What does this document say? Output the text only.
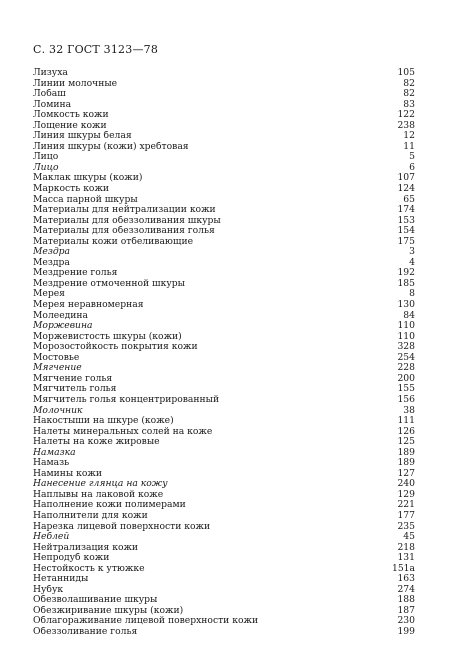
С. 32 ГОСТ 3123—78
Лизуха	105
Линии молочные	82
Лобаш	82
Ломина	83
Ломкость кожи	122
Лощение кожи	238
Линия шкуры белая	12
Линия шкуры (кожи) хребтовая	11
Лицо	5
Лицо	6
Маклак шкуры (кожи)	107
Маркость кожи	124
Масса парной шкуры	65
Материалы для нейтрализации кожи	174
Материалы для обеззоливания шкуры	153
Материалы для обеззоливания голья	154
Материалы кожи отбеливающие	175
Мездра	3
Мездра	4
Мездрение голья	192
Мездрение отмоченной шкуры	185
Мерея	8
Мерея неравномерная	130
Молеедина	84
Моржевина	110
Моржевистость шкуры (кожи)	110
Морозостойкость покрытия кожи	328
Мостовье	254
Мягчение	228
Мягчение голья	200
Мягчитель голья	155
Мягчитель голья концентрированный	156
Молочник	38
Накостыши на шкуре (коже)	111
Налеты минеральных солей на коже	126
Налеты на коже жировые	125
Намазка	189
Намазь	189
Намины кожи	127
Нанесение глянца на кожу	240
Наплывы на лаковой коже	129
Наполнение кожи полимерами	221
Наполнители для кожи	177
Нарезка лицевой поверхности кожи	235
Неблей	45
Нейтрализация кожи	218
Непродуб кожи	131
Нестойкость к утюжке	151а
Нетанниды	163
Нубук	274
Обезволашивание шкуры	188
Обезжиривание шкуры (кожи)	187
Облагораживание лицевой поверхности кожи	230
Обеззоливание голья	199
